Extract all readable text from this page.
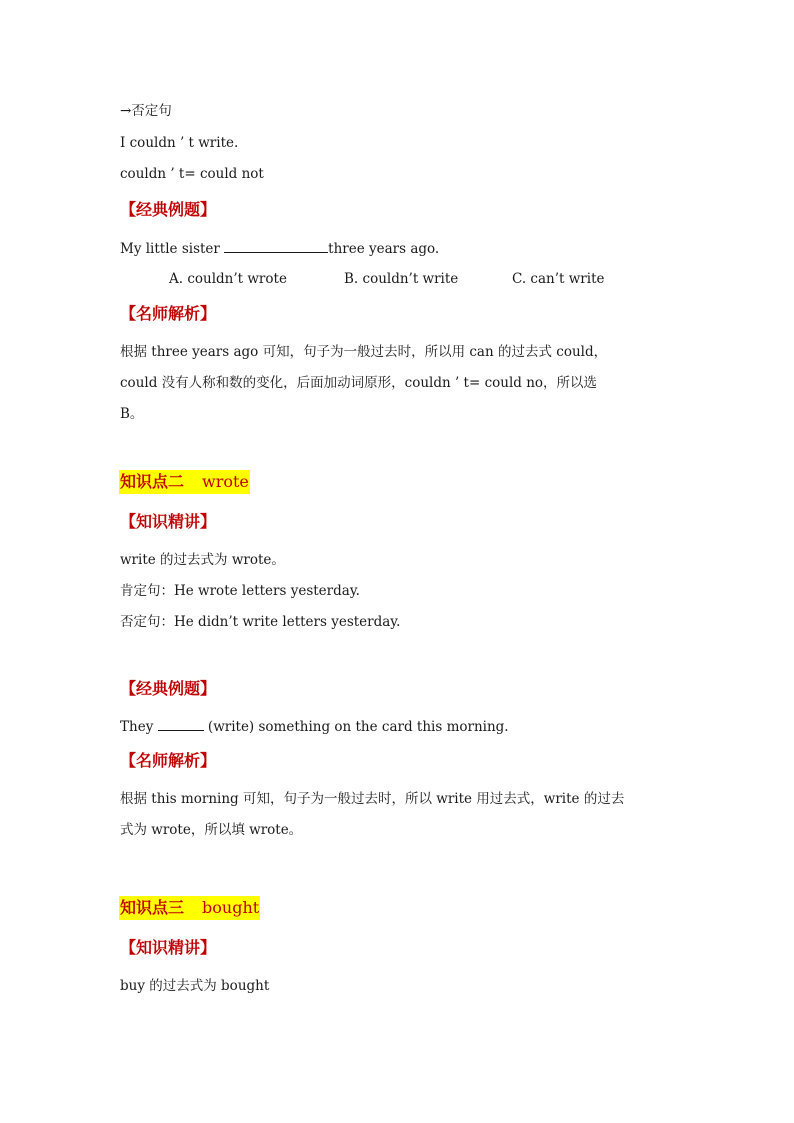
→否定句
I couldn ’ t write.
couldn ’ t= could not
【经典例题】
My little sister	three years ago.
A. couldn’t wrote	B. couldn’t write	C. can’t write
【名师解析】
根据 three years ago 可知，句子为一般过去时，所以用 can 的过去式 could，
could 没有人称和数的变化，后面加动词原形，couldn ’ t= could no，所以选
B。
知识点二 wrote
【知识精讲】
write 的过去式为 wrote。
肯定句：He wrote letters yesterday.
否定句：He didn’t write letters yesterday.
【经典例题】
They	(write) something on the card this morning.
【名师解析】
根据 this morning 可知，句子为一般过去时，所以 write 用过去式，write 的过去
式为 wrote，所以填 wrote。
知识点三 bought
【知识精讲】
buy 的过去式为 bought
